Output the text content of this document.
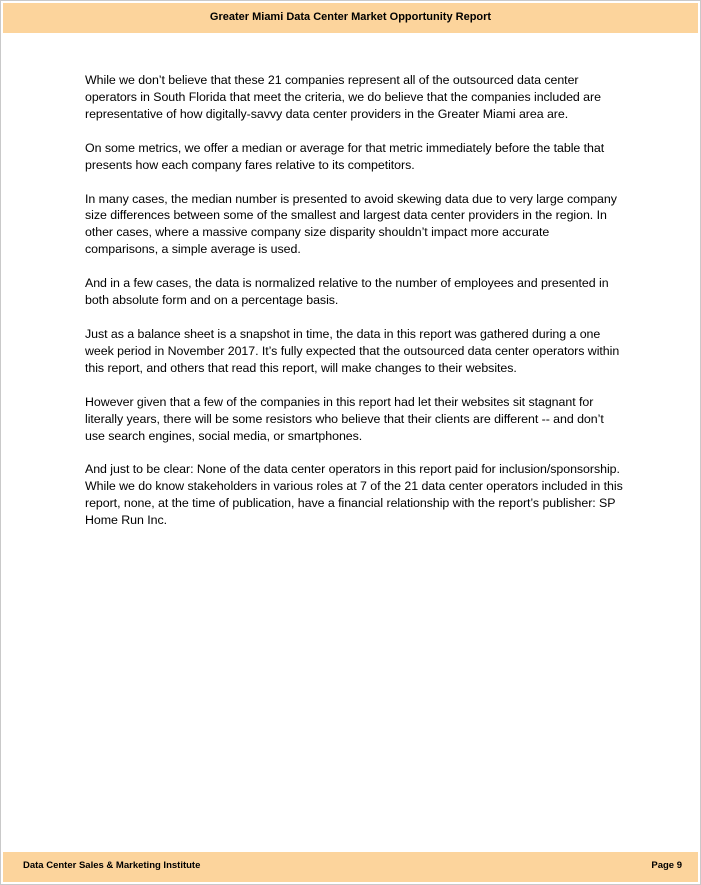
Greater Miami Data Center Market Opportunity Report

While we don’t believe that these 21 companies represent all of the outsourced data center operators in South Florida that meet the criteria, we do believe that the companies included are representative of how digitally-savvy data center providers in the Greater Miami area are.

On some metrics, we offer a median or average for that metric immediately before the table that presents how each company fares relative to its competitors.

In many cases, the median number is presented to avoid skewing data due to very large company size differences between some of the smallest and largest data center providers in the region. In other cases, where a massive company size disparity shouldn’t impact more accurate comparisons, a simple average is used.

And in a few cases, the data is normalized relative to the number of employees and presented in both absolute form and on a percentage basis.

Just as a balance sheet is a snapshot in time, the data in this report was gathered during a one week period in November 2017. It’s fully expected that the outsourced data center operators within this report, and others that read this report, will make changes to their websites.

However given that a few of the companies in this report had let their websites sit stagnant for literally years, there will be some resistors who believe that their clients are different -- and don’t use search engines, social media, or smartphones.

And just to be clear: None of the data center operators in this report paid for inclusion/sponsorship. While we do know stakeholders in various roles at 7 of the 21 data center operators included in this report, none, at the time of publication, have a financial relationship with the report’s publisher: SP Home Run Inc.

Data Center Sales & Marketing Institute	Page 9
